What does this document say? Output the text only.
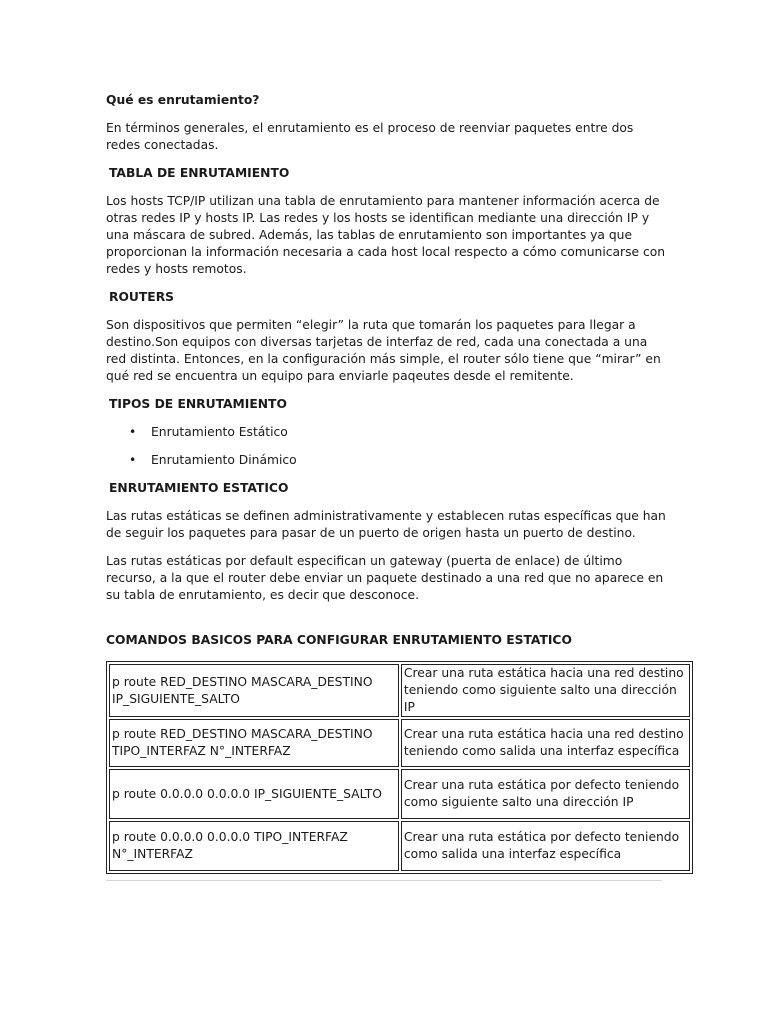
Qué es enrutamiento?

En términos generales, el enrutamiento es el proceso de reenviar paquetes entre dos redes conectadas.

TABLA DE ENRUTAMIENTO

Los hosts TCP/IP utilizan una tabla de enrutamiento para mantener información acerca de otras redes IP y hosts IP. Las redes y los hosts se identifican mediante una dirección IP y una máscara de subred. Además, las tablas de enrutamiento son importantes ya que proporcionan la información necesaria a cada host local respecto a cómo comunicarse con redes y hosts remotos.

ROUTERS

Son dispositivos que permiten “elegir” la ruta que tomarán los paquetes para llegar a destino.Son equipos con diversas tarjetas de interfaz de red, cada una conectada a una red distinta. Entonces, en la configuración más simple, el router sólo tiene que “mirar” en qué red se encuentra un equipo para enviarle paqeutes desde el remitente.

TIPOS DE ENRUTAMIENTO

• Enrutamiento Estático
• Enrutamiento Dinámico

ENRUTAMIENTO ESTATICO

Las rutas estáticas se definen administrativamente y establecen rutas específicas que han de seguir los paquetes para pasar de un puerto de origen hasta un puerto de destino.

Las rutas estáticas por default especifican un gateway (puerta de enlace) de último recurso, a la que el router debe enviar un paquete destinado a una red que no aparece en su tabla de enrutamiento, es decir que desconoce.

COMANDOS BASICOS PARA CONFIGURAR ENRUTAMIENTO ESTATICO

p route RED_DESTINO MASCARA_DESTINO IP_SIGUIENTE_SALTO	Crear una ruta estática hacia una red destino teniendo como siguiente salto una dirección IP
p route RED_DESTINO MASCARA_DESTINO TIPO_INTERFAZ N°_INTERFAZ	Crear una ruta estática hacia una red destino teniendo como salida una interfaz específica
p route 0.0.0.0 0.0.0.0 IP_SIGUIENTE_SALTO	Crear una ruta estática por defecto teniendo como siguiente salto una dirección IP
p route 0.0.0.0 0.0.0.0 TIPO_INTERFAZ N°_INTERFAZ	Crear una ruta estática por defecto teniendo como salida una interfaz específica
